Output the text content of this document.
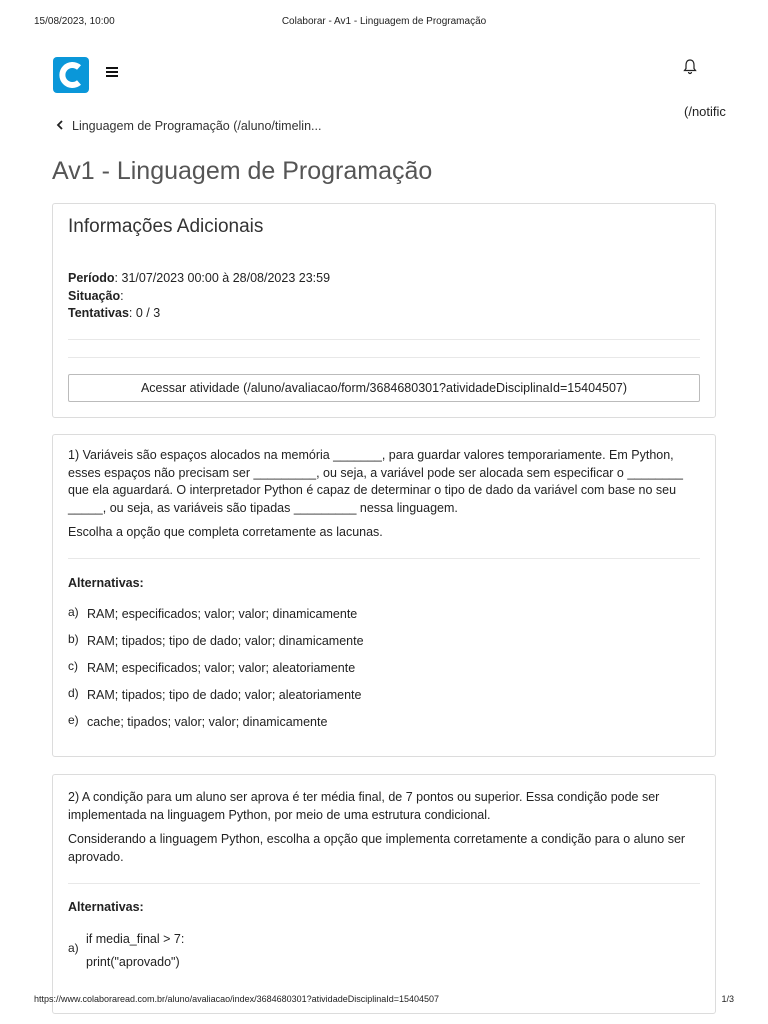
15/08/2023, 10:00	Colaborar - Av1 - Linguagem de Programação
(/notific
Linguagem de Programação (/aluno/timelin...
Av1 - Linguagem de Programação
Informações Adicionais
Período: 31/07/2023 00:00 à 28/08/2023 23:59
Situação:
Tentativas: 0 / 3
Acessar atividade (/aluno/avaliacao/form/3684680301?atividadeDisciplinaId=15404507)

1) Variáveis são espaços alocados na memória _______, para guardar valores temporariamente. Em Python, esses espaços não precisam ser _________, ou seja, a variável pode ser alocada sem especificar o ________ que ela aguardará. O interpretador Python é capaz de determinar o tipo de dado da variável com base no seu _____, ou seja, as variáveis são tipadas _________ nessa linguagem.

Escolha a opção que completa corretamente as lacunas.

Alternativas:
a) RAM; especificados; valor; valor; dinamicamente
b) RAM; tipados; tipo de dado; valor; dinamicamente
c) RAM; especificados; valor; valor; aleatoriamente
d) RAM; tipados; tipo de dado; valor; aleatoriamente
e) cache; tipados; valor; valor; dinamicamente

2) A condição para um aluno ser aprova é ter média final, de 7 pontos ou superior. Essa condição pode ser implementada na linguagem Python, por meio de uma estrutura condicional.

Considerando a linguagem Python, escolha a opção que implementa corretamente a condição para o aluno ser aprovado.

Alternativas:
a)
if media_final > 7:
print("aprovado")
https://www.colaboraread.com.br/aluno/avaliacao/index/3684680301?atividadeDisciplinaId=15404507	1/3
